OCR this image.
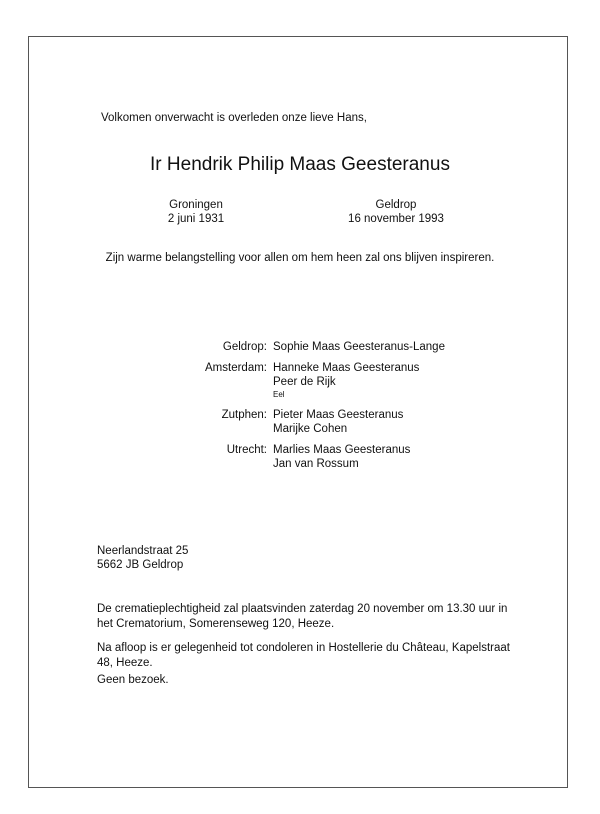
Volkomen onverwacht is overleden onze lieve Hans,
Ir Hendrik Philip Maas Geesteranus
Groningen
2 juni 1931
Geldrop
16 november 1993
Zijn warme belangstelling voor allen om hem heen zal ons blijven inspireren.
Geldrop: Sophie Maas Geesteranus-Lange
Amsterdam: Hanneke Maas Geesteranus
Peer de Rijk
Eel
Zutphen: Pieter Maas Geesteranus
Marijke Cohen
Utrecht: Marlies Maas Geesteranus
Jan van Rossum
Neerlandstraat 25
5662 JB Geldrop
De crematieplechtigheid zal plaatsvinden zaterdag 20 november om 13.30 uur in het Crematorium, Somerenseweg 120, Heeze.
Na afloop is er gelegenheid tot condoleren in Hostellerie du Château, Kapelstraat 48, Heeze.
Geen bezoek.
